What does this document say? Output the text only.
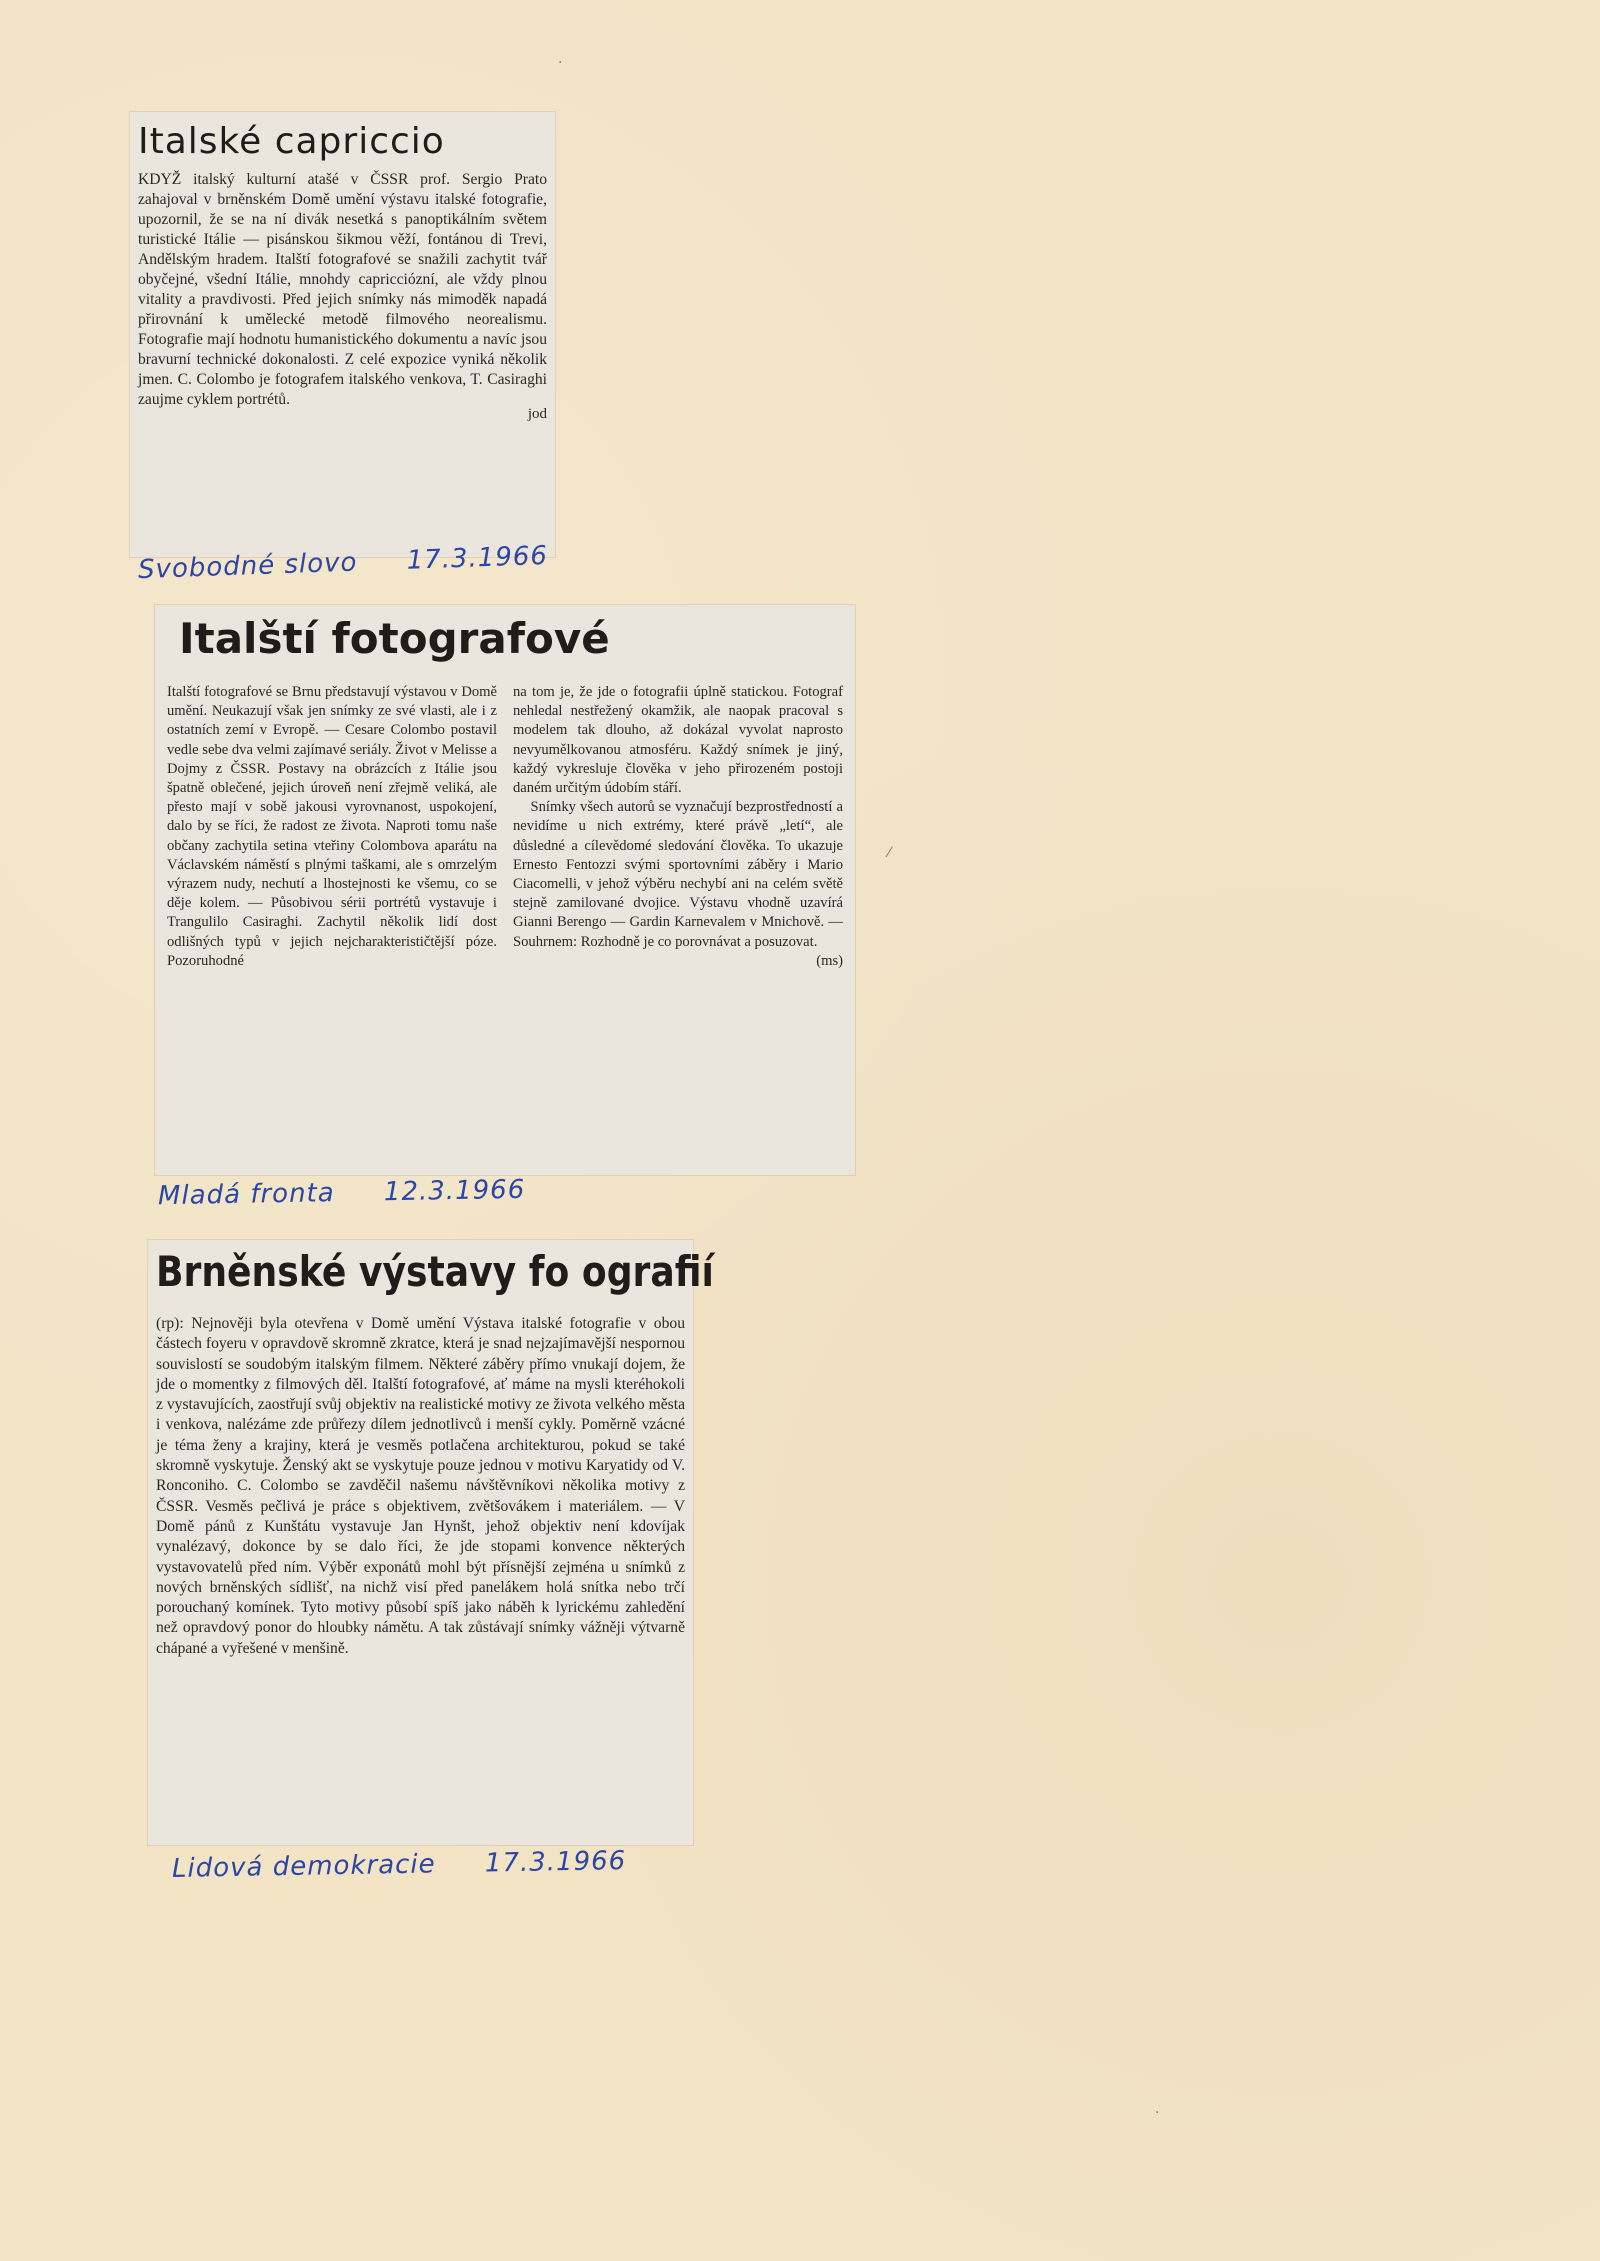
Italské capriccio
KDYŽ italský kulturní atašé v ČSSR prof. Sergio Prato zahajoval v brněnském Domě umění výstavu italské fotografie, upozornil, že se na ní divák nesetká s panoptikálním světem turistické Itálie — pisánskou šikmou věží, fontánou di Trevi, Andělským hradem. Italští fotografové se snažili zachytit tvář obyčejné, všední Itálie, mnohdy capricciózní, ale vždy plnou vitality a pravdivosti. Před jejich snímky nás mimoděk napadá přirovnání k umělecké metodě filmového neorealismu. Fotografie mají hodnotu humanistického dokumentu a navíc jsou bravurní technické dokonalosti. Z celé expozice vyniká několik jmen. C. Colombo je fotografem italského venkova, T. Casiraghi zaujme cyklem portrétů.
jod
Svobodné slovo 17.3.1966
Italští fotografové
Italští fotografové se Brnu představují výstavou v Domě umění. Neukazují však jen snímky ze své vlasti, ale i z ostatních zemí v Evropě. — Cesare Colombo postavil vedle sebe dva velmi zajímavé seriály. Život v Melisse a Dojmy z ČSSR. Postavy na obrázcích z Itálie jsou špatně oblečené, jejich úroveň není zřejmě veliká, ale přesto mají v sobě jakousi vyrovnanost, uspokojení, dalo by se říci, že radost ze života. Naproti tomu naše občany zachytila setina vteřiny Colombova aparátu na Václavském náměstí s plnými taškami, ale s omrzelým výrazem nudy, nechutí a lhostejnosti ke všemu, co se děje kolem. — Působivou sérii portrétů vystavuje i Trangulilo Casiraghi. Zachytil několik lidí dost odlišných typů v jejich nejcharakterističtější póze. Pozoruhodné
na tom je, že jde o fotografii úplně statickou. Fotograf nehledal nestřežený okamžik, ale naopak pracoval s modelem tak dlouho, až dokázal vyvolat naprosto nevyumělkovanou atmosféru. Každý snímek je jiný, každý vykresluje člověka v jeho přirozeném postoji daném určitým údobím stáří.
Snímky všech autorů se vyznačují bezprostředností a nevidíme u nich extrémy, které právě „letí“, ale důsledné a cílevědomé sledování člověka. To ukazuje Ernesto Fentozzi svými sportovními záběry i Mario Ciacomelli, v jehož výběru nechybí ani na celém světě stejně zamilované dvojice. Výstavu vhodně uzavírá Gianni Berengo — Gardin Karnevalem v Mnichově. — Souhrnem: Rozhodně je co porovnávat a posuzovat.
(ms)
Mladá fronta 12.3.1966
Brněnské výstavy fo ografií
(rp): Nejnověji byla otevřena v Domě umění Výstava italské fotografie v obou částech foyeru v opravdově skromně zkratce, která je snad nejzajímavější nespornou souvislostí se soudobým italským filmem. Některé záběry přímo vnukají dojem, že jde o momentky z filmových děl. Italští fotografové, ať máme na mysli kteréhokoli z vystavujících, zaostřují svůj objektiv na realistické motivy ze života velkého města i venkova, nalézáme zde průřezy dílem jednotlivců i menší cykly. Poměrně vzácné je téma ženy a krajiny, která je vesměs potlačena architekturou, pokud se také skromně vyskytuje. Ženský akt se vyskytuje pouze jednou v motivu Karyatidy od V. Ronconiho. C. Colombo se zavděčil našemu návštěvníkovi několika motivy z ČSSR. Vesměs pečlivá je práce s objektivem, zvětšovákem i materiálem. — V Domě pánů z Kunštátu vystavuje Jan Hynšt, jehož objektiv není kdovíjak vynalézavý, dokonce by se dalo říci, že jde stopami konvence některých vystavovatelů před ním. Výběr exponátů mohl být přísnější zejména u snímků z nových brněnských sídlišť, na nichž visí před panelákem holá snítka nebo trčí porouchaný komínek. Tyto motivy působí spíš jako náběh k lyrickému zahledění než opravdový ponor do hloubky námětu. A tak zůstávají snímky vážněji výtvarně chápané a vyřešené v menšině.
Lidová demokracie 17.3.1966
·
⁄
·
